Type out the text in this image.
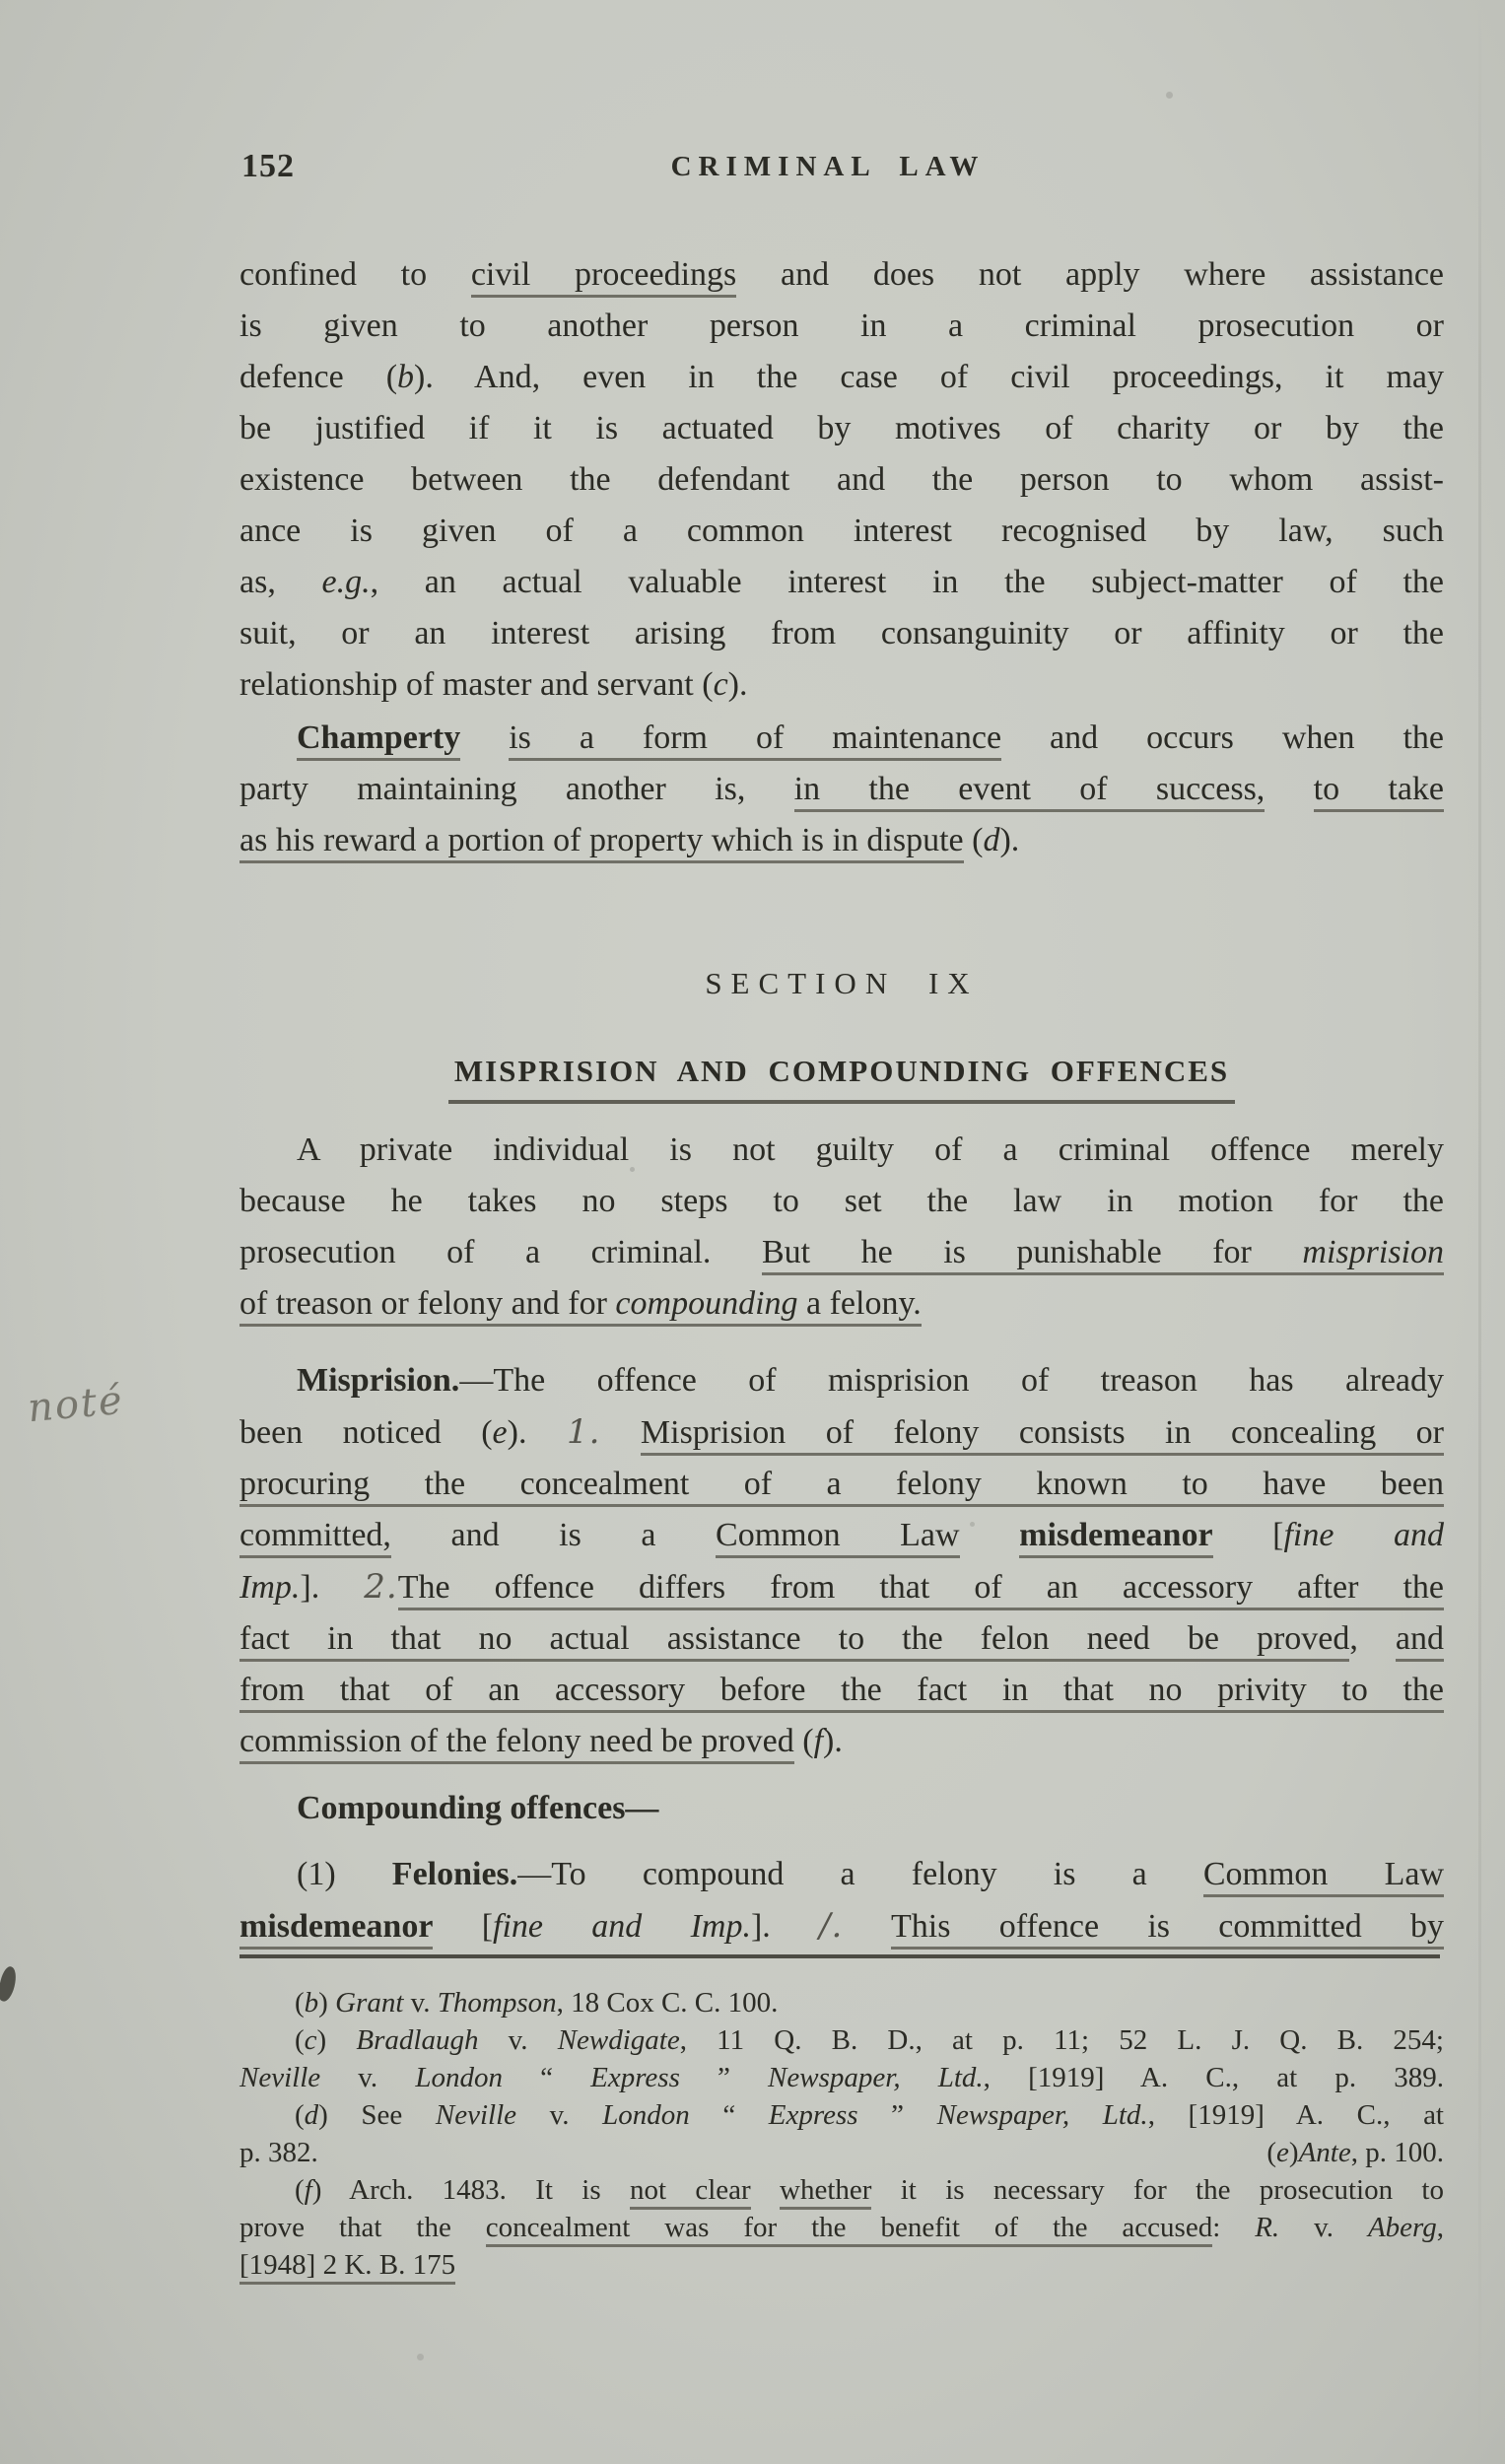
noté
152	CRIMINAL LAW
confined to civil proceedings and does not apply where assistance
is given to another person in a criminal prosecution or
defence (b). And, even in the case of civil proceedings, it may
be justified if it is actuated by motives of charity or by the
existence between the defendant and the person to whom assist-
ance is given of a common interest recognised by law, such
as, e.g., an actual valuable interest in the subject-matter of the
suit, or an interest arising from consanguinity or affinity or the
relationship of master and servant (c).
Champerty is a form of maintenance and occurs when the
party maintaining another is, in the event of success, to take
as his reward a portion of property which is in dispute (d).
SECTION IX
MISPRISION AND COMPOUNDING OFFENCES
A private individual is not guilty of a criminal offence merely
because he takes no steps to set the law in motion for the
prosecution of a criminal. But he is punishable for misprision
of treason or felony and for compounding a felony.
Misprision.—The offence of misprision of treason has already
been noticed (e). 1. Misprision of felony consists in concealing or
procuring the concealment of a felony known to have been
committed, and is a Common Law misdemeanor [fine and
Imp.]. 2.The offence differs from that of an accessory after the
fact in that no actual assistance to the felon need be proved, and
from that of an accessory before the fact in that no privity to the
commission of the felony need be proved (f).
Compounding offences—
(1) Felonies.—To compound a felony is a Common Law
misdemeanor [fine and Imp.]. /. This offence is committed by
(b) Grant v. Thompson, 18 Cox C. C. 100.
(c) Bradlaugh v. Newdigate, 11 Q. B. D., at p. 11; 52 L. J. Q. B. 254;
Neville v. London “ Express ” Newspaper, Ltd., [1919] A. C., at p. 389.
(d) See Neville v. London “ Express ” Newspaper, Ltd., [1919] A. C., at
p. 382.	( e ) Ante , p. 100.
(f) Arch. 1483. It is not clear whether it is necessary for the prosecution to
prove that the concealment was for the benefit of the accused: R. v. Aberg,
[1948] 2 K. B. 175
